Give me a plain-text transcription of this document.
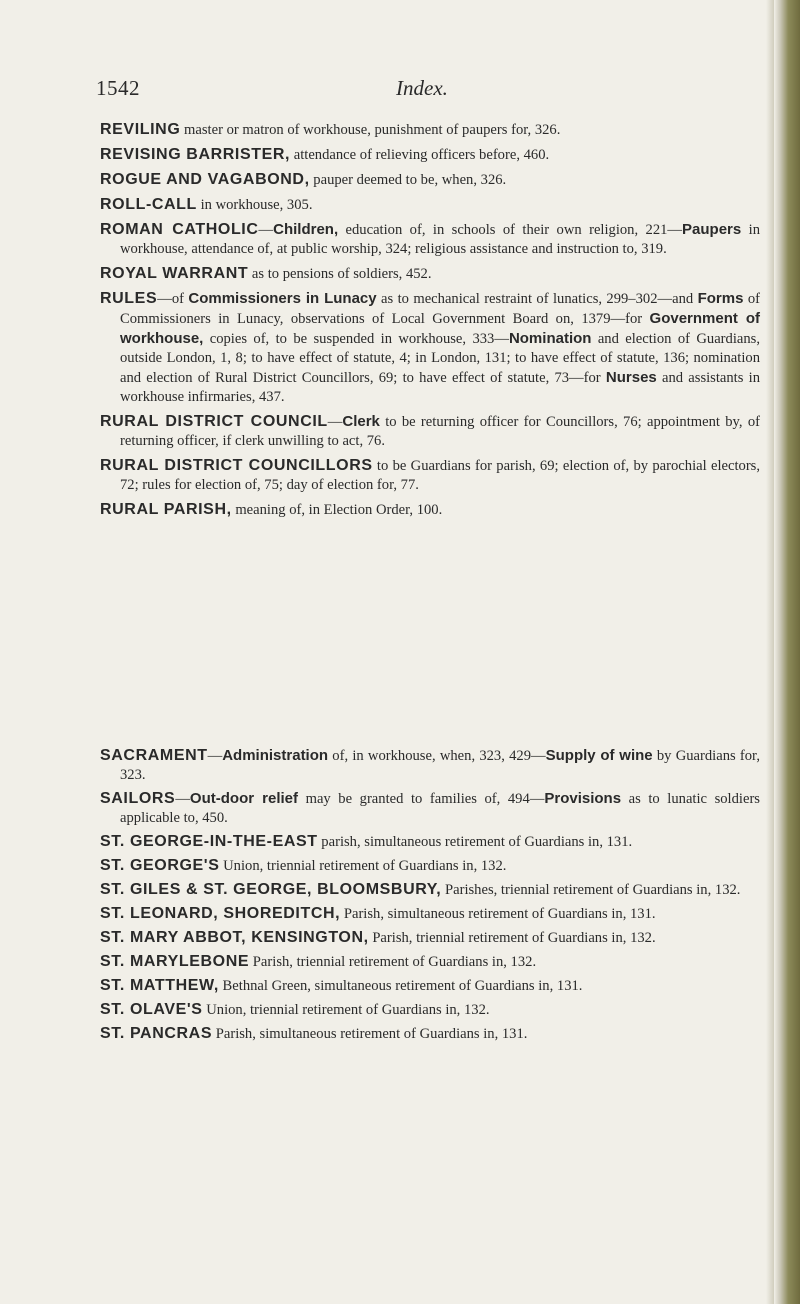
1542	Index.

REVILING master or matron of workhouse, punishment of paupers for, 326.

REVISING BARRISTER, attendance of relieving officers before, 460.

ROGUE AND VAGABOND, pauper deemed to be, when, 326.

ROLL-CALL in workhouse, 305.

ROMAN CATHOLIC—Children, education of, in schools of their own religion, 221—Paupers in workhouse, attendance of, at public worship, 324; religious assistance and instruction to, 319.

ROYAL WARRANT as to pensions of soldiers, 452.

RULES—of Commissioners in Lunacy as to mechanical restraint of lunatics, 299–302—and Forms of Commissioners in Lunacy, observations of Local Government Board on, 1379—for Government of workhouse, copies of, to be suspended in workhouse, 333—Nomination and election of Guardians, outside London, 1, 8; to have effect of statute, 4; in London, 131; to have effect of statute, 136; nomination and election of Rural District Councillors, 69; to have effect of statute, 73—for Nurses and assistants in workhouse infirmaries, 437.

RURAL DISTRICT COUNCIL—Clerk to be returning officer for Councillors, 76; appointment by, of returning officer, if clerk unwilling to act, 76.

RURAL DISTRICT COUNCILLORS to be Guardians for parish, 69; election of, by parochial electors, 72; rules for election of, 75; day of election for, 77.

RURAL PARISH, meaning of, in Election Order, 100.

SACRAMENT—Administration of, in workhouse, when, 323, 429—Supply of wine by Guardians for, 323.

SAILORS—Out-door relief may be granted to families of, 494—Provisions as to lunatic soldiers applicable to, 450.

ST. GEORGE-IN-THE-EAST parish, simultaneous retirement of Guardians in, 131.

ST. GEORGE'S Union, triennial retirement of Guardians in, 132.

ST. GILES & ST. GEORGE, BLOOMSBURY, Parishes, triennial retirement of Guardians in, 132.

ST. LEONARD, SHOREDITCH, Parish, simultaneous retirement of Guardians in, 131.

ST. MARY ABBOT, KENSINGTON, Parish, triennial retirement of Guardians in, 132.

ST. MARYLEBONE Parish, triennial retirement of Guardians in, 132.

ST. MATTHEW, Bethnal Green, simultaneous retirement of Guardians in, 131.

ST. OLAVE'S Union, triennial retirement of Guardians in, 132.

ST. PANCRAS Parish, simultaneous retirement of Guardians in, 131.
